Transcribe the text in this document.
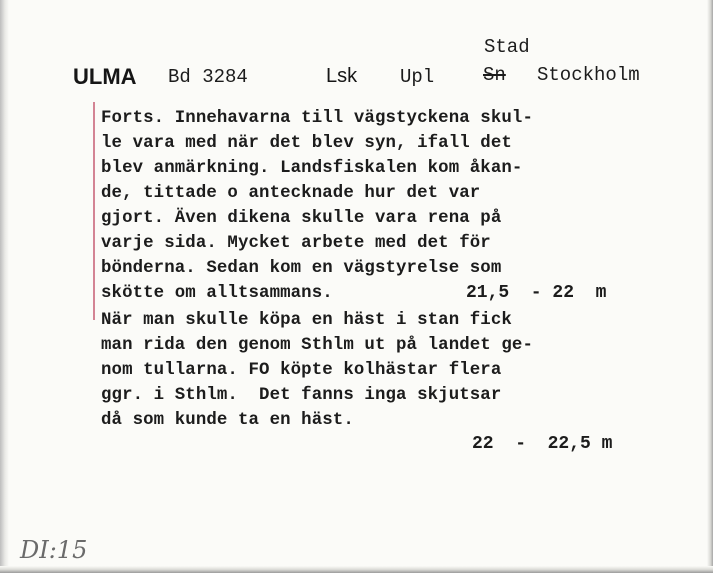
ULMA Bd 3284	Lsk Upl
Stad
Sn Stockholm
Forts. Innehavarna till vägstyckena skul-
le vara med när det blev syn, ifall det
blev anmärkning. Landsfiskalen kom åkan-
de, tittade o antecknade hur det var
gjort. Även dikena skulle vara rena på
varje sida. Mycket arbete med det för
bönderna. Sedan kom en vägstyrelse som
skötte om alltsammans.	21,5  - 22  m
När man skulle köpa en häst i stan fick
man rida den genom Sthlm ut på landet ge-
nom tullarna. FO köpte kolhästar flera
ggr. i Sthlm.  Det fanns inga skjutsar
då som kunde ta en häst.
22  -  22,5 m
DI:15
